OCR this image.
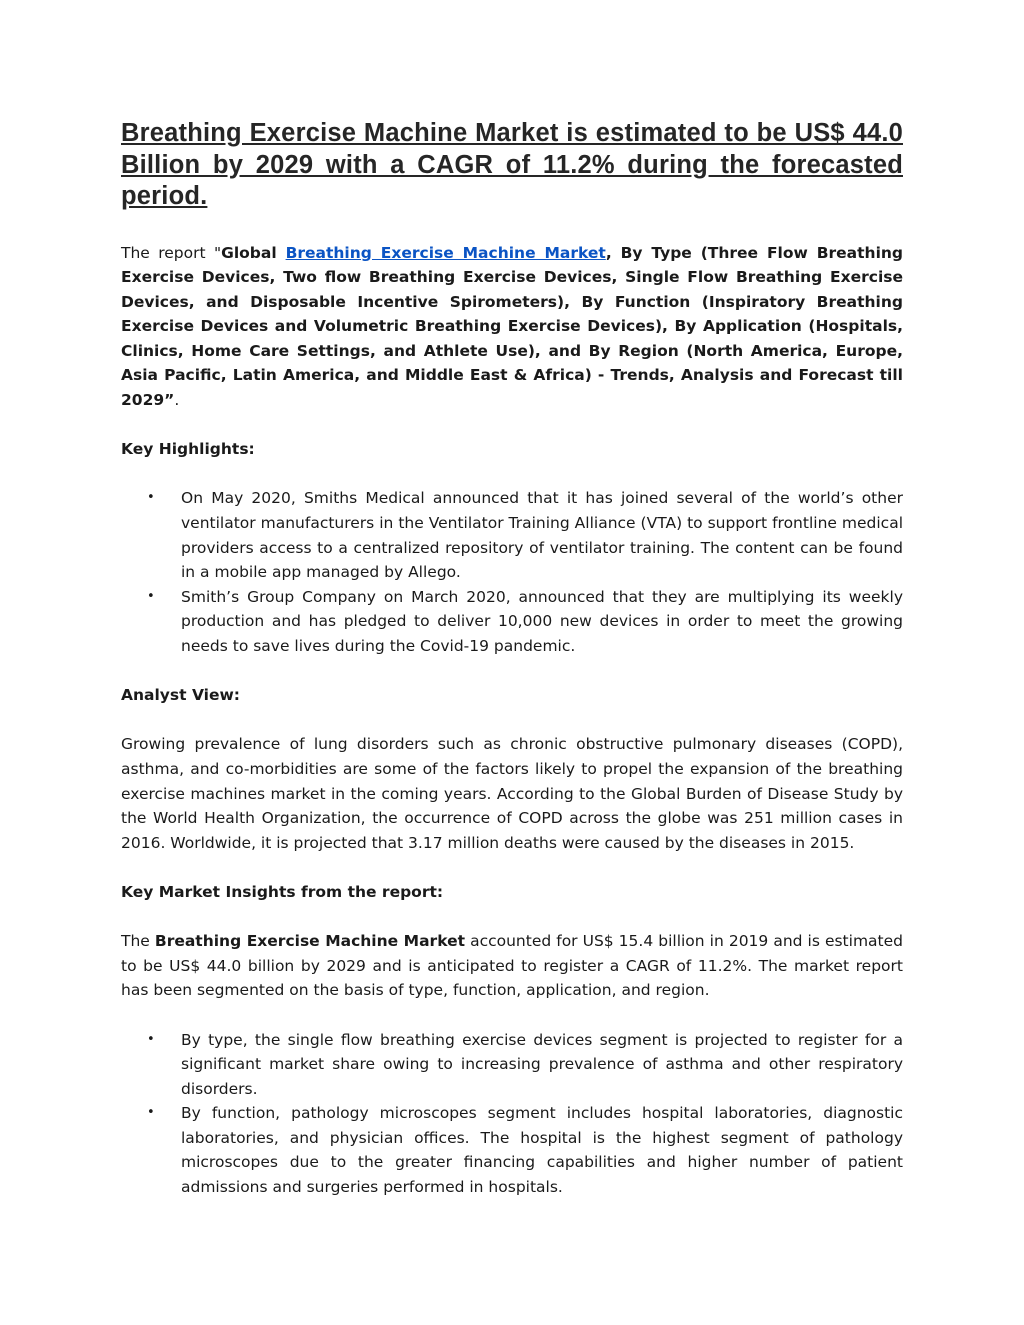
Breathing Exercise Machine Market is estimated to be US$ 44.0 Billion by 2029 with a CAGR of 11.2% during the forecasted period.

The report "Global Breathing Exercise Machine Market, By Type (Three Flow Breathing Exercise Devices, Two flow Breathing Exercise Devices, Single Flow Breathing Exercise Devices, and Disposable Incentive Spirometers), By Function (Inspiratory Breathing Exercise Devices and Volumetric Breathing Exercise Devices), By Application (Hospitals, Clinics, Home Care Settings, and Athlete Use), and By Region (North America, Europe, Asia Pacific, Latin America, and Middle East & Africa) - Trends, Analysis and Forecast till 2029”.

Key Highlights:

• On May 2020, Smiths Medical announced that it has joined several of the world’s other ventilator manufacturers in the Ventilator Training Alliance (VTA) to support frontline medical providers access to a centralized repository of ventilator training. The content can be found in a mobile app managed by Allego.
• Smith’s Group Company on March 2020, announced that they are multiplying its weekly production and has pledged to deliver 10,000 new devices in order to meet the growing needs to save lives during the Covid-19 pandemic.

Analyst View:

Growing prevalence of lung disorders such as chronic obstructive pulmonary diseases (COPD), asthma, and co-morbidities are some of the factors likely to propel the expansion of the breathing exercise machines market in the coming years. According to the Global Burden of Disease Study by the World Health Organization, the occurrence of COPD across the globe was 251 million cases in 2016. Worldwide, it is projected that 3.17 million deaths were caused by the diseases in 2015.

Key Market Insights from the report:

The Breathing Exercise Machine Market accounted for US$ 15.4 billion in 2019 and is estimated to be US$ 44.0 billion by 2029 and is anticipated to register a CAGR of 11.2%. The market report has been segmented on the basis of type, function, application, and region.

• By type, the single flow breathing exercise devices segment is projected to register for a significant market share owing to increasing prevalence of asthma and other respiratory disorders.
• By function, pathology microscopes segment includes hospital laboratories, diagnostic laboratories, and physician offices. The hospital is the highest segment of pathology microscopes due to the greater financing capabilities and higher number of patient admissions and surgeries performed in hospitals.
